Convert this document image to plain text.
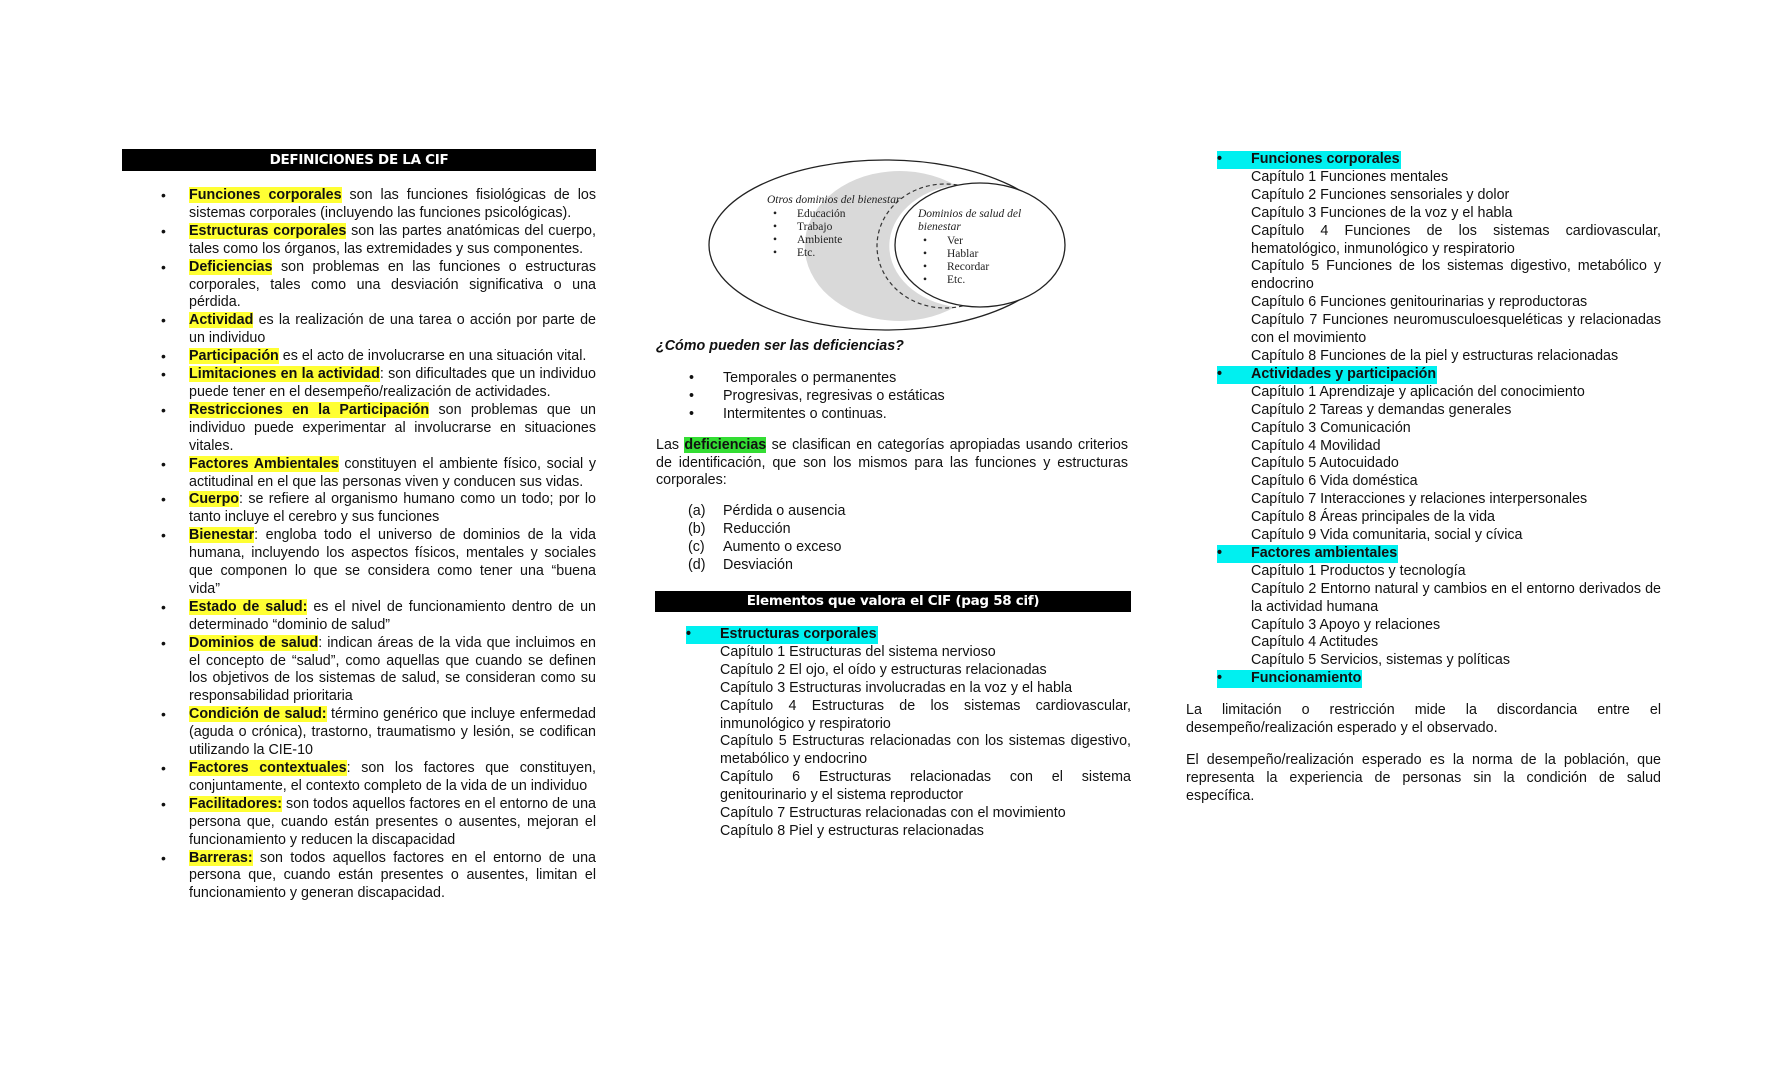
DEFINICIONES DE LA CIF
• Funciones corporales son las funciones fisiológicas de los sistemas corporales (incluyendo las funciones psicológicas).
• Estructuras corporales son las partes anatómicas del cuerpo, tales como los órganos, las extremidades y sus componentes.
• Deficiencias son problemas en las funciones o estructuras corporales, tales como una desviación significativa o una pérdida.
• Actividad es la realización de una tarea o acción por parte de un individuo
• Participación es el acto de involucrarse en una situación vital.
• Limitaciones en la actividad: son dificultades que un individuo puede tener en el desempeño/realización de actividades.
• Restricciones en la Participación son problemas que un individuo puede experimentar al involucrarse en situaciones vitales.
• Factores Ambientales constituyen el ambiente físico, social y actitudinal en el que las personas viven y conducen sus vidas.
• Cuerpo: se refiere al organismo humano como un todo; por lo tanto incluye el cerebro y sus funciones
• Bienestar: engloba todo el universo de dominios de la vida humana, incluyendo los aspectos físicos, mentales y sociales que componen lo que se considera como tener una “buena vida”
• Estado de salud: es el nivel de funcionamiento dentro de un determinado “dominio de salud”
• Dominios de salud: indican áreas de la vida que incluimos en el concepto de “salud”, como aquellas que cuando se definen los objetivos de los sistemas de salud, se consideran como su responsabilidad prioritaria
• Condición de salud: término genérico que incluye enfermedad (aguda o crónica), trastorno, traumatismo y lesión, se codifican utilizando la CIE-10
• Factores contextuales: son los factores que constituyen, conjuntamente, el contexto completo de la vida de un individuo
• Facilitadores: son todos aquellos factores en el entorno de una persona que, cuando están presentes o ausentes, mejoran el funcionamiento y reducen la discapacidad
• Barreras: son todos aquellos factores en el entorno de una persona que, cuando están presentes o ausentes, limitan el funcionamiento y generan discapacidad.
Otros dominios del bienestar
• Educación
• Trabajo
• Ambiente
• Etc.
Dominios de salud del
bienestar
• Ver
• Hablar
• Recordar
• Etc.
¿Cómo pueden ser las deficiencias?
• Temporales o permanentes
• Progresivas, regresivas o estáticas
• Intermitentes o continuas.

Las deficiencias se clasifican en categorías apropiadas usando criterios de identificación, que son los mismos para las funciones y estructuras corporales:

(a) Pérdida o ausencia
(b) Reducción
(c) Aumento o exceso
(d) Desviación
Elementos que valora el CIF (pag 58 cif)
• Estructuras corporales
Capítulo 1 Estructuras del sistema nervioso
Capítulo 2 El ojo, el oído y estructuras relacionadas
Capítulo 3 Estructuras involucradas en la voz y el habla
Capítulo 4 Estructuras de los sistemas cardiovascular, inmunológico y respiratorio
Capítulo 5 Estructuras relacionadas con los sistemas digestivo, metabólico y endocrino
Capítulo 6 Estructuras relacionadas con el sistema genitourinario y el sistema reproductor
Capítulo 7 Estructuras relacionadas con el movimiento
Capítulo 8 Piel y estructuras relacionadas
• Funciones corporales
Capítulo 1 Funciones mentales
Capítulo 2 Funciones sensoriales y dolor
Capítulo 3 Funciones de la voz y el habla
Capítulo 4 Funciones de los sistemas cardiovascular, hematológico, inmunológico y respiratorio
Capítulo 5 Funciones de los sistemas digestivo, metabólico y endocrino
Capítulo 6 Funciones genitourinarias y reproductoras
Capítulo 7 Funciones neuromusculoesqueléticas y relacionadas con el movimiento
Capítulo 8 Funciones de la piel y estructuras relacionadas
• Actividades y participación
Capítulo 1 Aprendizaje y aplicación del conocimiento
Capítulo 2 Tareas y demandas generales
Capítulo 3 Comunicación
Capítulo 4 Movilidad
Capítulo 5 Autocuidado
Capítulo 6 Vida doméstica
Capítulo 7 Interacciones y relaciones interpersonales
Capítulo 8 Áreas principales de la vida
Capítulo 9 Vida comunitaria, social y cívica
• Factores ambientales
Capítulo 1 Productos y tecnología
Capítulo 2 Entorno natural y cambios en el entorno derivados de la actividad humana
Capítulo 3 Apoyo y relaciones
Capítulo 4 Actitudes
Capítulo 5 Servicios, sistemas y políticas
• Funcionamiento

La limitación o restricción mide la discordancia entre el desempeño/realización esperado y el observado.

El desempeño/realización esperado es la norma de la población, que representa la experiencia de personas sin la condición de salud específica.
